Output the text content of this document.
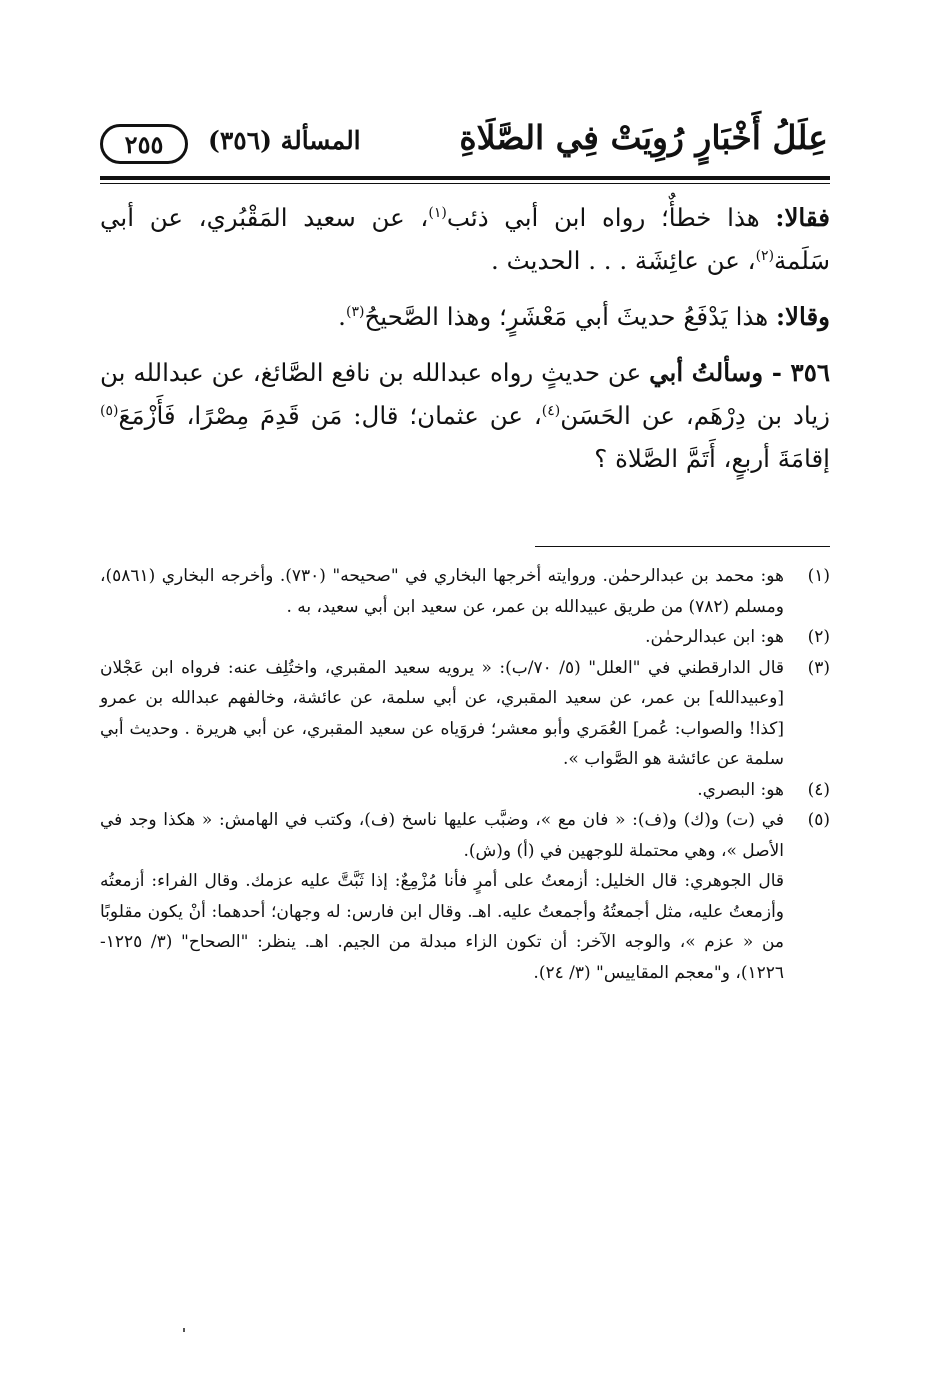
عِلَلُ أَخْبَارٍ رُوِيَتْ فِي الصَّلَاةِ
المسألة (٣٥٦)
٢٥٥

فقالا: هذا خطأٌ؛ رواه ابن أبي ذئب$^{(١)}$، عن سعيد المَقْبُري، عن أبي سَلَمة$^{(٢)}$، عن عائِشَة . . . الحديث .

وقالا: هذا يَدْفَعُ حديثَ أبي مَعْشَرٍ؛ وهذا الصَّحيحُ$^{(٣)}$.

٣٥٦ - وسألتُ أبي عن حديثٍ رواه عبدالله بن نافع الصَّائغ، عن عبدالله بن زياد بن دِرْهَم، عن الحَسَن$^{(٤)}$، عن عثمان؛ قال: مَن قَدِمَ مِصْرًا، فَأَزْمَعَ$^{(٥)}$ إقامَةَ أربعٍ، أَتَمَّ الصَّلاة ؟

(١)
هو: محمد بن عبدالرحمٰن. وروايته أخرجها البخاري في "صحيحه" (٧٣٠). وأخرجه البخاري (٥٨٦١)، ومسلم (٧٨٢) من طريق عبيدالله بن عمر، عن سعيد ابن أبي سعيد، به .
(٢)
هو: ابن عبدالرحمٰن.
(٣)
قال الدارقطني في "العلل" (٥/ ٧٠/ب): « يرويه سعيد المقبري، واختُلِف عنه: فرواه ابن عَجْلان [وعبيدالله] بن عمر، عن سعيد المقبري، عن أبي سلمة، عن عائشة، وخالفهم عبدالله بن عمرو [كذا! والصواب: عُمر] العُمَري وأبو معشر؛ فروَياه عن سعيد المقبري، عن أبي هريرة . وحديث أبي سلمة عن عائشة هو الصَّواب ».
(٤)
هو: البصري.
(٥)
في (ت) و(ك) و(ف): « فان مع »، وضبَّب عليها ناسخ (ف)، وكتب في الهامش: « هكذا وجد في الأصل »، وهي محتملة للوجهين في (أ) و(ش).
قال الجوهري: قال الخليل: أزمعتُ على أمرٍ فأنا مُزْمِعٌ: إذا ثَبَّتَّ عليه عزمك. وقال الفراء: أزمعتُه وأزمعتُ عليه، مثل أجمعتُهُ وأجمعتُ عليه. اهـ. وقال ابن فارس: له وجهان؛ أحدهما: أنْ يكون مقلوبًا من « عزم »، والوجه الآخر: أن تكون الزاء مبدلة من الجيم. اهـ. ينظر: "الصحاح" (٣/ ١٢٢٥- ١٢٢٦)، و"معجم المقاييس" (٣/ ٢٤).
